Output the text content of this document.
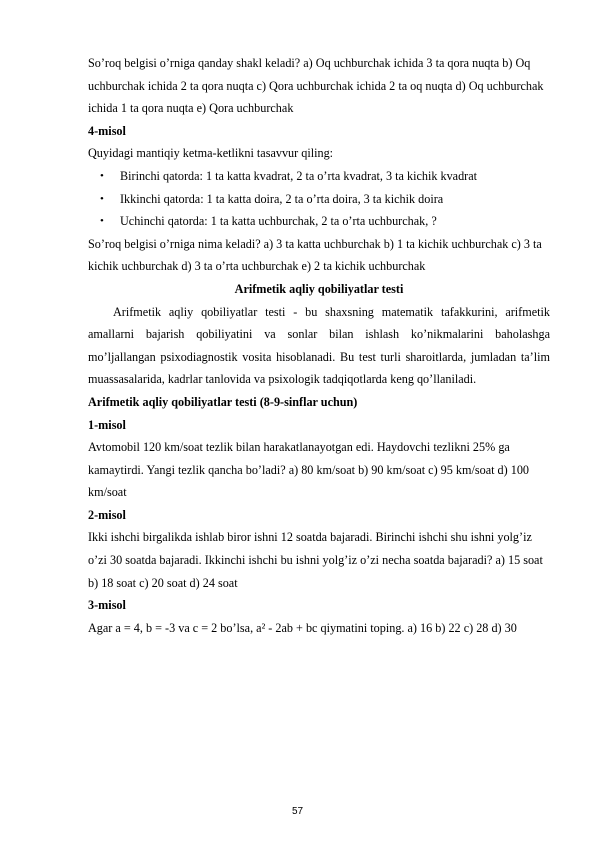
So’roq belgisi o’rniga qanday shakl keladi? a) Oq uchburchak ichida 3 ta qora nuqta b) Oq uchburchak ichida 2 ta qora nuqta c) Qora uchburchak ichida 2 ta oq nuqta d) Oq uchburchak ichida 1 ta qora nuqta e) Qora uchburchak

4-misol

Quyidagi mantiqiy ketma-ketlikni tasavvur qiling:

• Birinchi qatorda: 1 ta katta kvadrat, 2 ta o’rta kvadrat, 3 ta kichik kvadrat
• Ikkinchi qatorda: 1 ta katta doira, 2 ta o’rta doira, 3 ta kichik doira
• Uchinchi qatorda: 1 ta katta uchburchak, 2 ta o’rta uchburchak, ?

So’roq belgisi o’rniga nima keladi? a) 3 ta katta uchburchak b) 1 ta kichik uchburchak c) 3 ta kichik uchburchak d) 3 ta o’rta uchburchak e) 2 ta kichik uchburchak

Arifmetik aqliy qobiliyatlar testi

Arifmetik aqliy qobiliyatlar testi - bu shaxsning matematik tafakkurini, arifmetik amallarni bajarish qobiliyatini va sonlar bilan ishlash ko’nikmalarini baholashga mo’ljallangan psixodiagnostik vosita hisoblanadi. Bu test turli sharoitlarda, jumladan ta’lim muassasalarida, kadrlar tanlovida va psixologik tadqiqotlarda keng qo’llaniladi.

Arifmetik aqliy qobiliyatlar testi (8-9-sinflar uchun)

1-misol

Avtomobil 120 km/soat tezlik bilan harakatlanayotgan edi. Haydovchi tezlikni 25% ga kamaytirdi. Yangi tezlik qancha bo’ladi? a) 80 km/soat b) 90 km/soat c) 95 km/soat d) 100 km/soat

2-misol

Ikki ishchi birgalikda ishlab biror ishni 12 soatda bajaradi. Birinchi ishchi shu ishni yolg’iz o’zi 30 soatda bajaradi. Ikkinchi ishchi bu ishni yolg’iz o’zi necha soatda bajaradi? a) 15 soat b) 18 soat c) 20 soat d) 24 soat

3-misol

Agar a = 4, b = -3 va c = 2 bo’lsa, a² - 2ab + bc qiymatini toping. a) 16 b) 22 c) 28 d) 30

57
